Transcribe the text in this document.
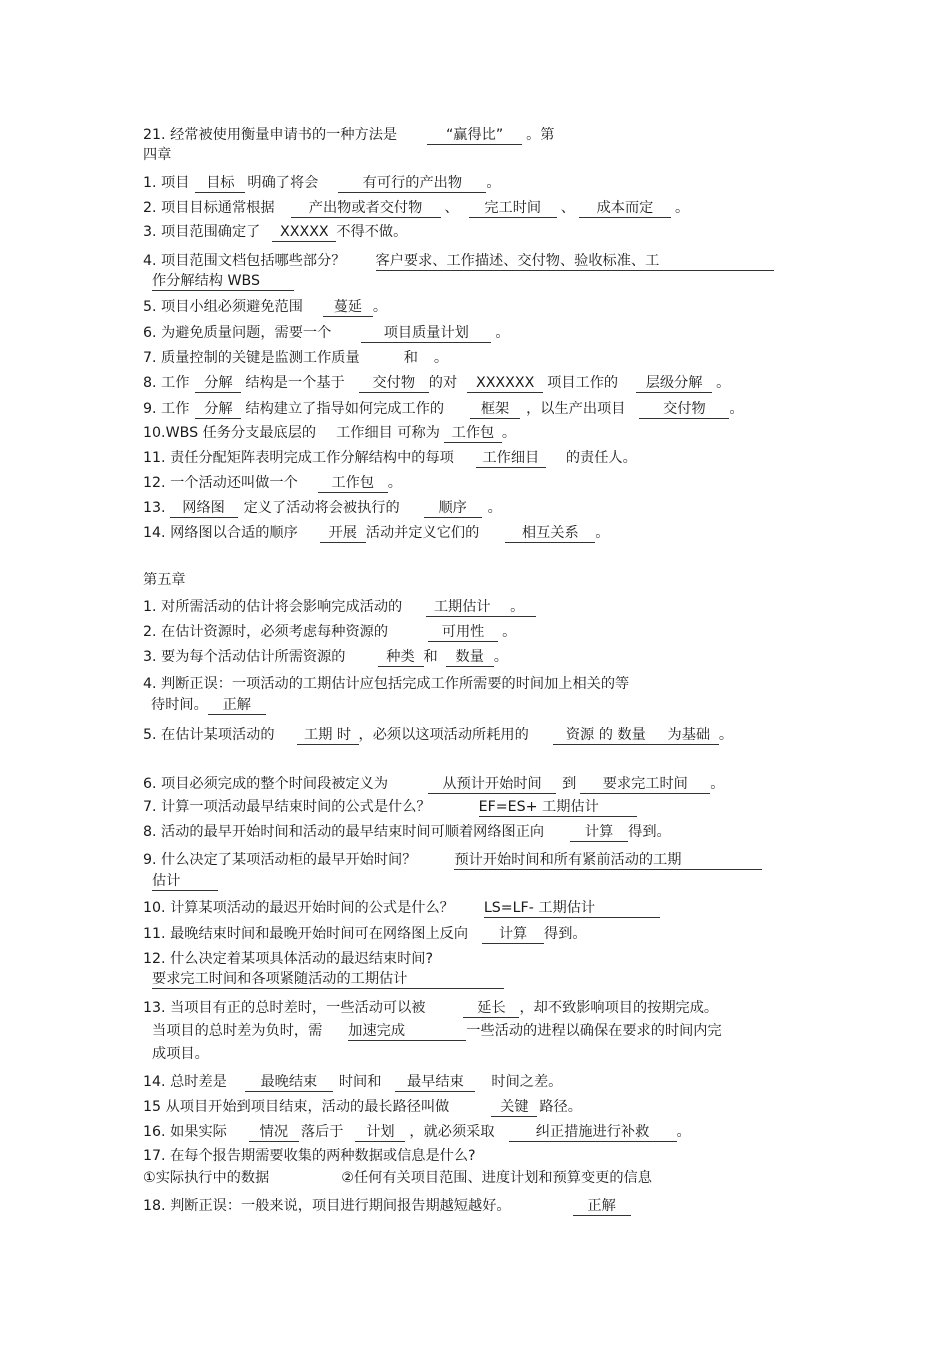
21. 经常被使用衡量申请书的一种方法是	“赢得比” 。第
四章
1. 项目 目标 明确了将会	有可行的产出物 。
2. 项目目标通常根据 产出物或者交付物 、 完工时间 、 成本而定 。
3. 项目范围确定了 XXXXX 不得不做。
4. 项目范围文档包括哪些部分？ 客户要求、工作描述、交付物、验收标准、工
作分解结构 WBS
5. 项目小组必须避免范围 蔓延 。
6. 为避免质量问题，需要一个	项目质量计划 。
7. 质量控制的关键是监测工作质量	和 。
8. 工作 分解 结构是一个基于 交付物 的对 XXXXXX 项目工作的 层级分解 。
9. 工作 分解 结构建立了指导如何完成工作的	框架 ，以生产出项目	交付物 。
10.WBS 任务分支最底层的 工作细目 可称为 工作包 。
11. 责任分配矩阵表明完成工作分解结构中的每项 工作细目 的责任人。
12. 一个活动还叫做一个 工作包 。
13. 网络图 定义了活动将会被执行的	顺序 。
14. 网络图以合适的顺序 开展 活动并定义它们的	相互关系 。
第五章
1. 对所需活动的估计将会影响完成活动的 工期估计 。
2. 在估计资源时，必须考虑每种资源的	可用性 。
3. 要为每个活动估计所需资源的	种类 和 数量 。
4. 判断正误：一项活动的工期估计应包括完成工作所需要的时间加上相关的等
待时间。 正解
5. 在估计某项活动的 工期 时 ，必须以这项活动所耗用的	资源 的 数量 为基础 。
6. 项目必须完成的整个时间段被定义为	从预计开始时间 到 要求完工时间 。
7. 计算一项活动最早结束时间的公式是什么？	EF=ES+ 工期估计
8. 活动的最早开始时间和活动的最早结束时间可顺着网络图正向	计算 得到。
9. 什么决定了某项活动柜的最早开始时间？	预计开始时间和所有紧前活动的工期
估计
10. 计算某项活动的最迟开始时间的公式是什么？ LS=LF- 工期估计
11. 最晚结束时间和最晚开始时间可在网络图上反向 计算 得到。
12. 什么决定着某项具体活动的最迟结束时间?
要求完工时间和各项紧随活动的工期估计
13. 当项目有正的总时差时，一些活动可以被	延长 ，却不致影响项目的按期完成。
当项目的总时差为负时，需 加速完成	一些活动的进程以确保在要求的时间内完
成项目。
14. 总时差是 最晚结束 时间和 最早结束 时间之差。
15 从项目开始到项目结束，活动的最长路径叫做	关键 路径。
16. 如果实际 情况 落后于 计划 ，就必须采取	纠正措施进行补救 。
17. 在每个报告期需要收集的两种数据或信息是什么?
①实际执行中的数据	②任何有关项目范围、进度计划和预算变更的信息
18. 判断正误：一般来说，项目进行期间报告期越短越好。	正解
